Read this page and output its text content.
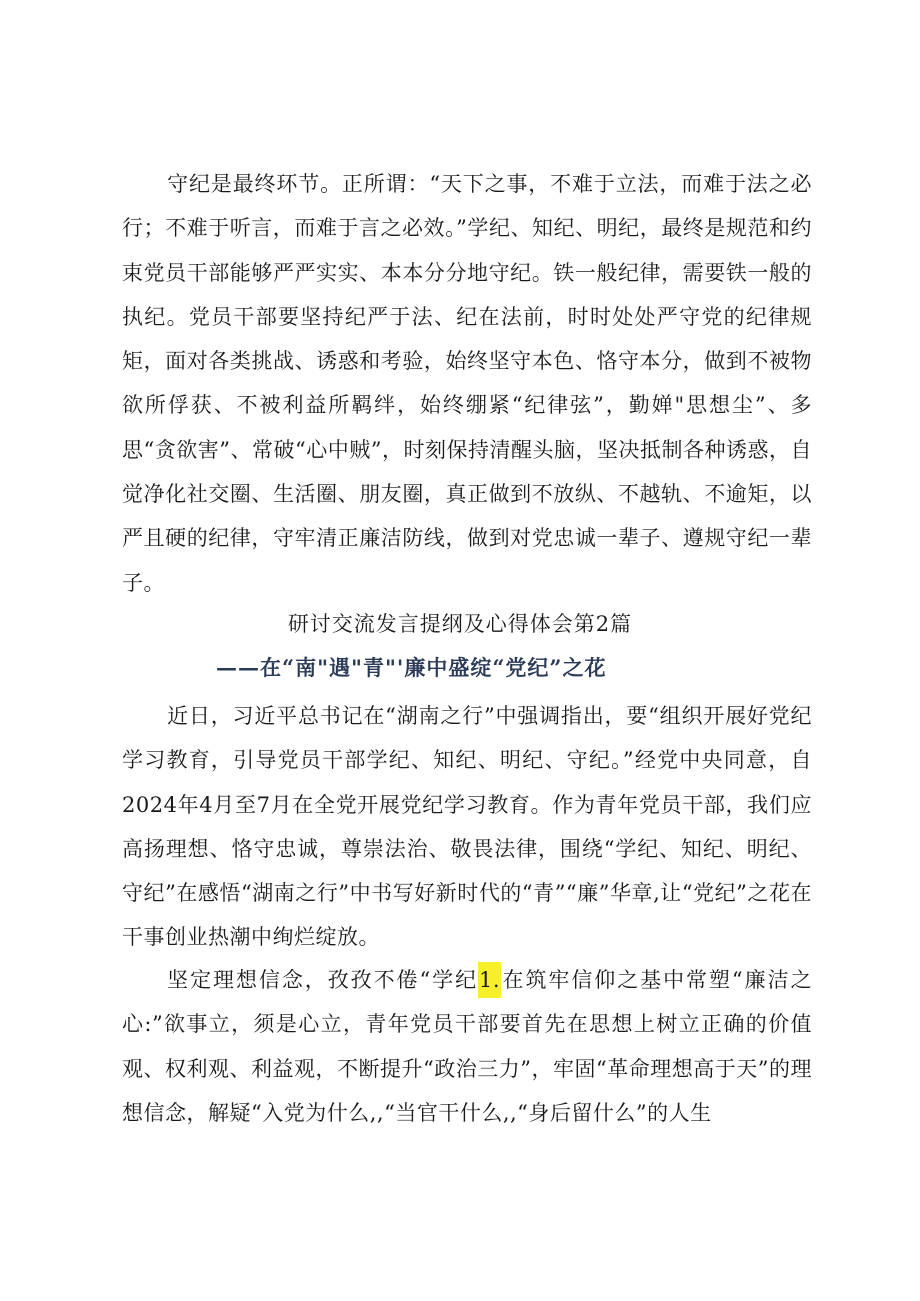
守纪是最终环节。正所谓：“天下之事，不难于立法，而难于法之必行；不难于听言，而难于言之必效。”学纪、知纪、明纪，最终是规范和约束党员干部能够严严实实、本本分分地守纪。铁一般纪律，需要铁一般的执纪。党员干部要坚持纪严于法、纪在法前，时时处处严守党的纪律规矩，面对各类挑战、诱惑和考验，始终坚守本色、恪守本分，做到不被物欲所俘获、不被利益所羁绊，始终绷紧“纪律弦”，勤婵"思想尘”、多思“贪欲害”、常破“心中贼”，时刻保持清醒头脑，坚决抵制各种诱惑，自觉净化社交圈、生活圈、朋友圈，真正做到不放纵、不越轨、不逾矩，以严且硬的纪律，守牢清正廉洁防线，做到对党忠诚一辈子、遵规守纪一辈子。

研讨交流发言提纲及心得体会第2篇
——在“南"遇"青"'廉中盛绽“党纪”之花

近日，习近平总书记在“湖南之行”中强调指出，要“组织开展好党纪学习教育，引导党员干部学纪、知纪、明纪、守纪。”经党中央同意，自2024年4月至7月在全党开展党纪学习教育。作为青年党员干部，我们应高扬理想、恪守忠诚，尊崇法治、敬畏法律，围绕“学纪、知纪、明纪、守纪”在感悟“湖南之行”中书写好新时代的“青”“廉”华章,让“党纪”之花在干事创业热潮中绚烂绽放。

坚定理想信念，孜孜不倦“学纪1.在筑牢信仰之基中常塑“廉洁之心:”欲事立，须是心立，青年党员干部要首先在思想上树立正确的价值观、权利观、利益观，不断提升“政治三力”，牢固“革命理想高于天”的理想信念，解疑“入党为什么,,“当官干什么,,“身后留什么”的人生
